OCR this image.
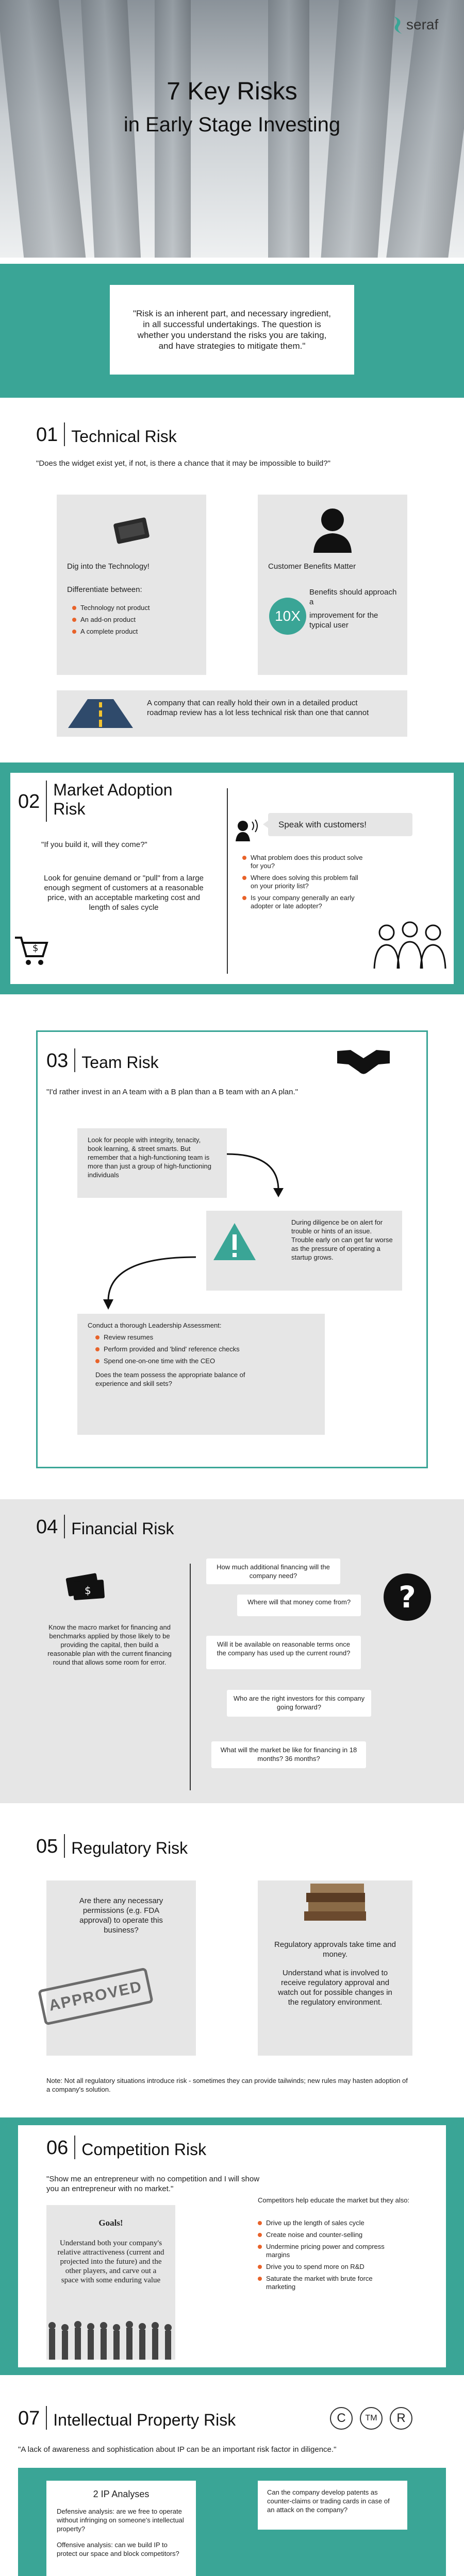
seraf
7 Key Risks
in Early Stage Investing

"Risk is an inherent part, and necessary ingredient, in all successful undertakings. The question is whether you understand the risks you are taking, and have strategies to mitigate them."

01 Technical Risk

"Does the widget exist yet, if not, is there a chance that it may be impossible to build?"

Dig into the Technology!

Differentiate between:

Technology not product
An add-on product
A complete product

Customer Benefits Matter

Benefits should approach a

10X	improvement for the typical user

A company that can really hold their own in a detailed product roadmap review has a lot less technical risk than one that cannot

02
Market Adoption
Risk

"If you build it, will they come?"

Look for genuine demand or "pull" from a large enough segment of customers at a reasonable price, with an acceptable marketing cost and length of sales cycle

$
Speak with customers!
What problem does this product solve for you?
Where does solving this problem fall on your priority list?
Is your company generally an early adopter or late adopter?
03 Team Risk

"I'd rather invest in an A team with a B plan than a B team with an A plan."

Look for people with integrity, tenacity, book learning, & street smarts. But remember that a high-functioning team is more than just a group of high-functioning individuals

During diligence be on alert for trouble or hints of an issue. Trouble early on can get far worse as the pressure of operating a startup grows.

Conduct a thorough Leadership Assessment:

Review resumes
Perform provided and 'blind' reference checks
Spend one-on-one time with the CEO

Does the team possess the appropriate balance of experience and skill sets?

04 Financial Risk
$

Know the macro market for financing and benchmarks applied by those likely to be providing the capital, then build a reasonable plan with the current financing round that allows some room for error.

How much additional financing will the company need?
Where will that money come from?
Will it be available on reasonable terms once the company has used up the current round?
Who are the right investors for this company going forward?
What will the market be like for financing in 18 months? 36 months?
?
05 Regulatory Risk

Are there any necessary permissions (e.g. FDA approval) to operate this business?

APPROVED

Regulatory approvals take time and money.

Understand what is involved to receive regulatory approval and watch out for possible changes in the regulatory environment.

Note: Not all regulatory situations introduce risk - sometimes they can provide tailwinds; new rules may hasten adoption of a company's solution.

06 Competition Risk

"Show me an entrepreneur with no competition and I will show you an entrepreneur with no market."

Goals!

Understand both your company's relative attractiveness (current and projected into the future) and the other players, and carve out a space with some enduring value

Competitors help educate the market but they also:

Drive up the length of sales cycle
Create noise and counter-selling
Undermine pricing power and compress margins
Drive you to spend more on R&D
Saturate the market with brute force marketing
07 Intellectual Property Risk	C	TM	R

"A lack of awareness and sophistication about IP can be an important risk factor in diligence."

2 IP Analyses

Defensive analysis: are we free to operate without infringing on someone's intellectual property?

Offensive analysis: can we build IP to protect our space and block competitors?

Can the company develop patents as counter-claims or trading cards in case of an attack on the company?
